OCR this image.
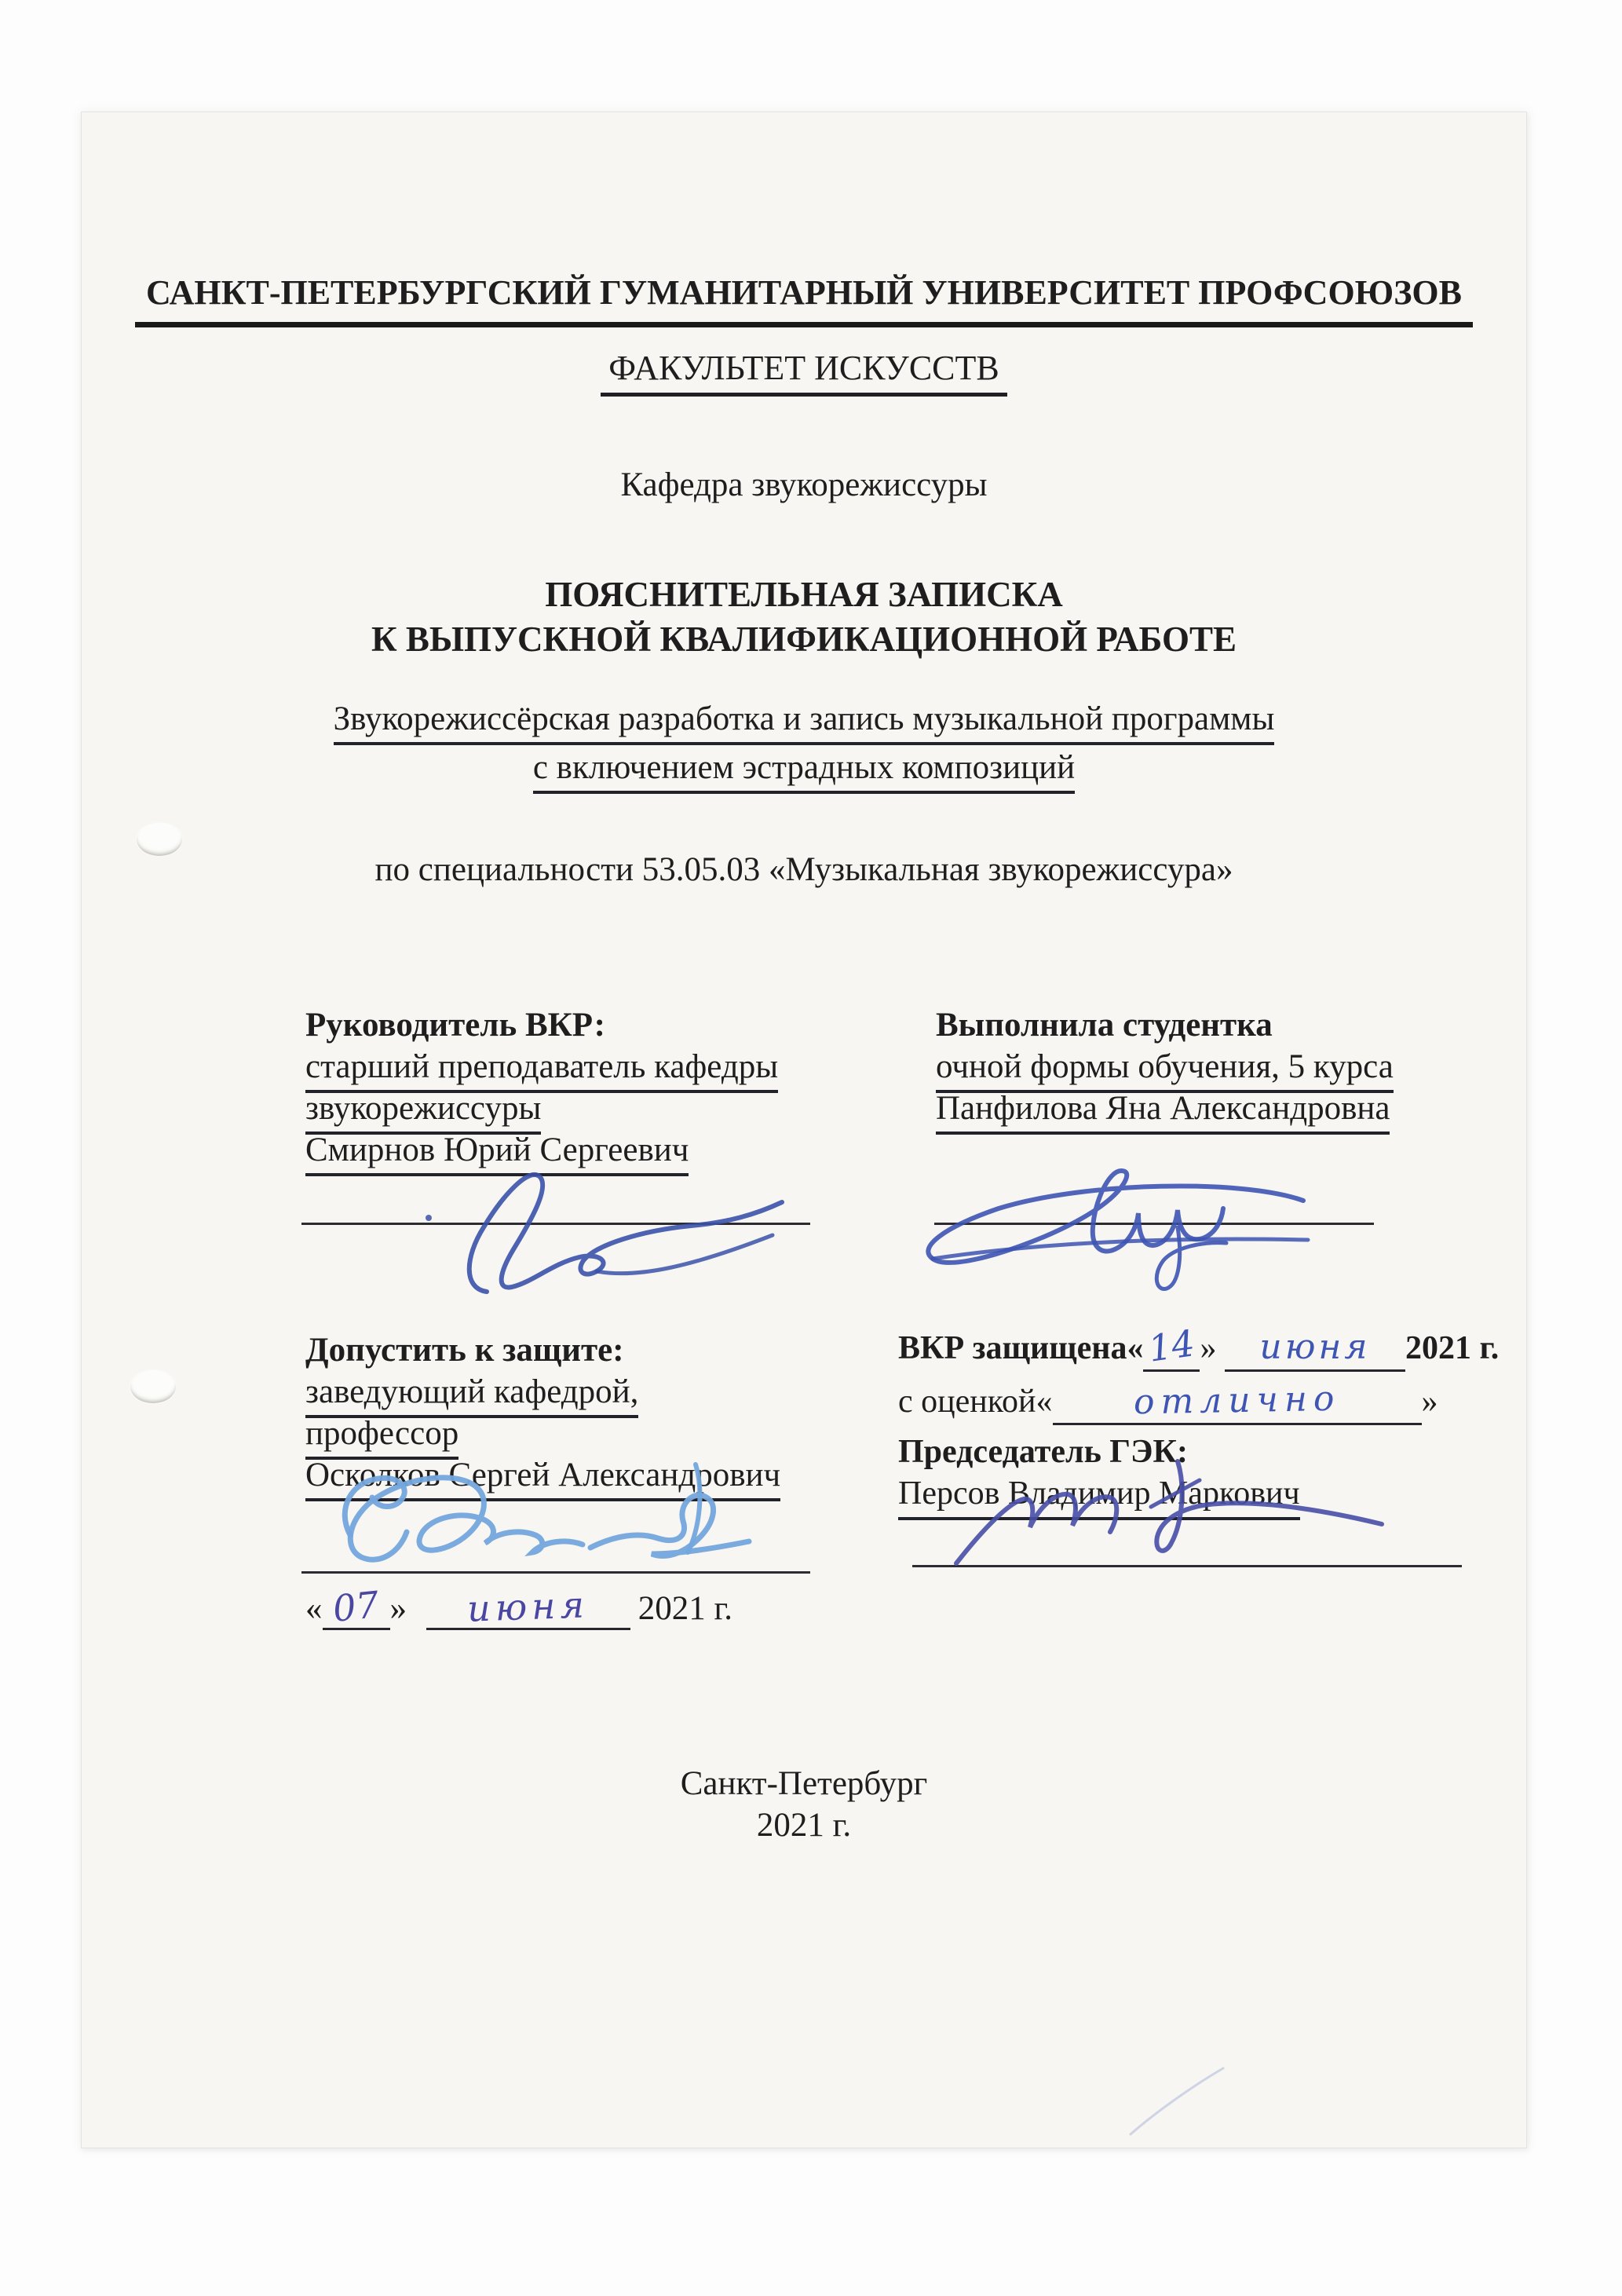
САНКТ-ПЕТЕРБУРГСКИЙ ГУМАНИТАРНЫЙ УНИВЕРСИТЕТ ПРОФСОЮЗОВ
ФАКУЛЬТЕТ ИСКУССТВ
Кафедра звукорежиссуры
ПОЯСНИТЕЛЬНАЯ ЗАПИСКА
К ВЫПУСКНОЙ КВАЛИФИКАЦИОННОЙ РАБОТЕ
Звукорежиссёрская разработка и запись музыкальной программы
с включением эстрадных композиций
по специальности 53.05.03 «Музыкальная звукорежиссура»
Руководитель ВКР:
старший преподаватель кафедры
звукорежиссуры
Смирнов Юрий Сергеевич
Выполнила студентка
очной формы обучения, 5 курса
Панфилова Яна Александровна
Допустить к защите:
заведующий кафедрой,
профессор
Осколков Сергей Александрович
ВКР защищена«14» июня 2021 г.
с оценкой« отлично »
Председатель ГЭК:
Персов Владимир Маркович
« 07 » июня 2021 г.
Санкт-Петербург
2021 г.
